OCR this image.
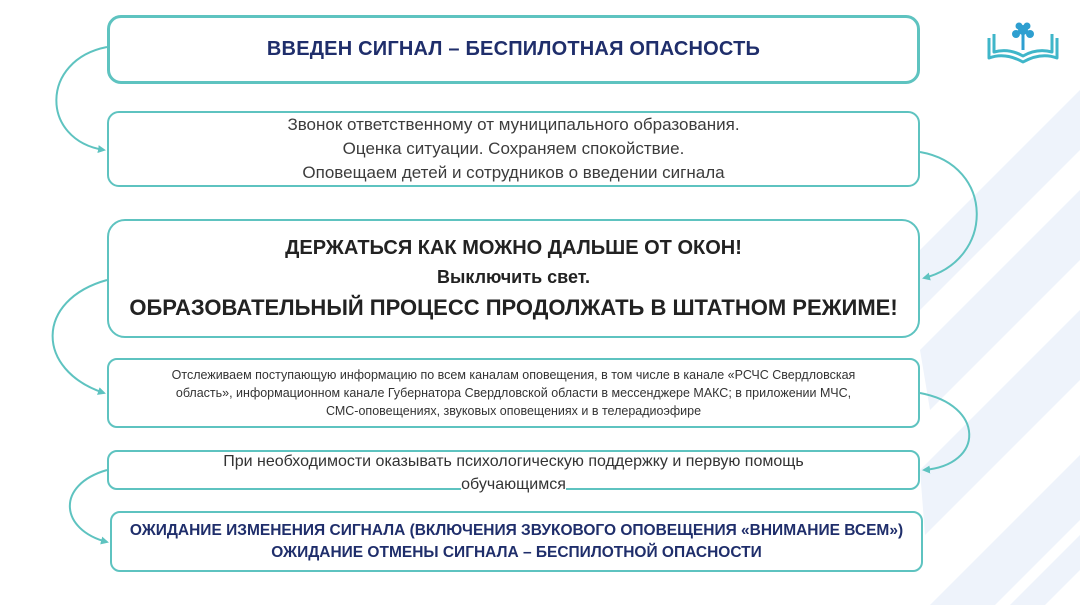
ВВЕДЕН СИГНАЛ – БЕСПИЛОТНАЯ ОПАСНОСТЬ
Звонок ответственному от муниципального образования.
Оценка ситуации. Сохраняем спокойствие.
Оповещаем детей и сотрудников о введении сигнала
ДЕРЖАТЬСЯ КАК МОЖНО ДАЛЬШЕ ОТ ОКОН!
Выключить свет.
ОБРАЗОВАТЕЛЬНЫЙ ПРОЦЕСС ПРОДОЛЖАТЬ В ШТАТНОМ РЕЖИМЕ!
Отслеживаем поступающую информацию по всем каналам оповещения, в том числе в канале «РСЧС Свердловская
область», информационном канале Губернатора Свердловской области в мессенджере МАКС; в приложении МЧС,
СМС-оповещениях, звуковых оповещениях и в телерадиоэфире
При необходимости оказывать психологическую поддержку и первую помощь
обучающимся
ОЖИДАНИЕ ИЗМЕНЕНИЯ СИГНАЛА (ВКЛЮЧЕНИЯ ЗВУКОВОГО ОПОВЕЩЕНИЯ «ВНИМАНИЕ ВСЕМ»)
ОЖИДАНИЕ ОТМЕНЫ СИГНАЛА – БЕСПИЛОТНОЙ ОПАСНОСТИ
